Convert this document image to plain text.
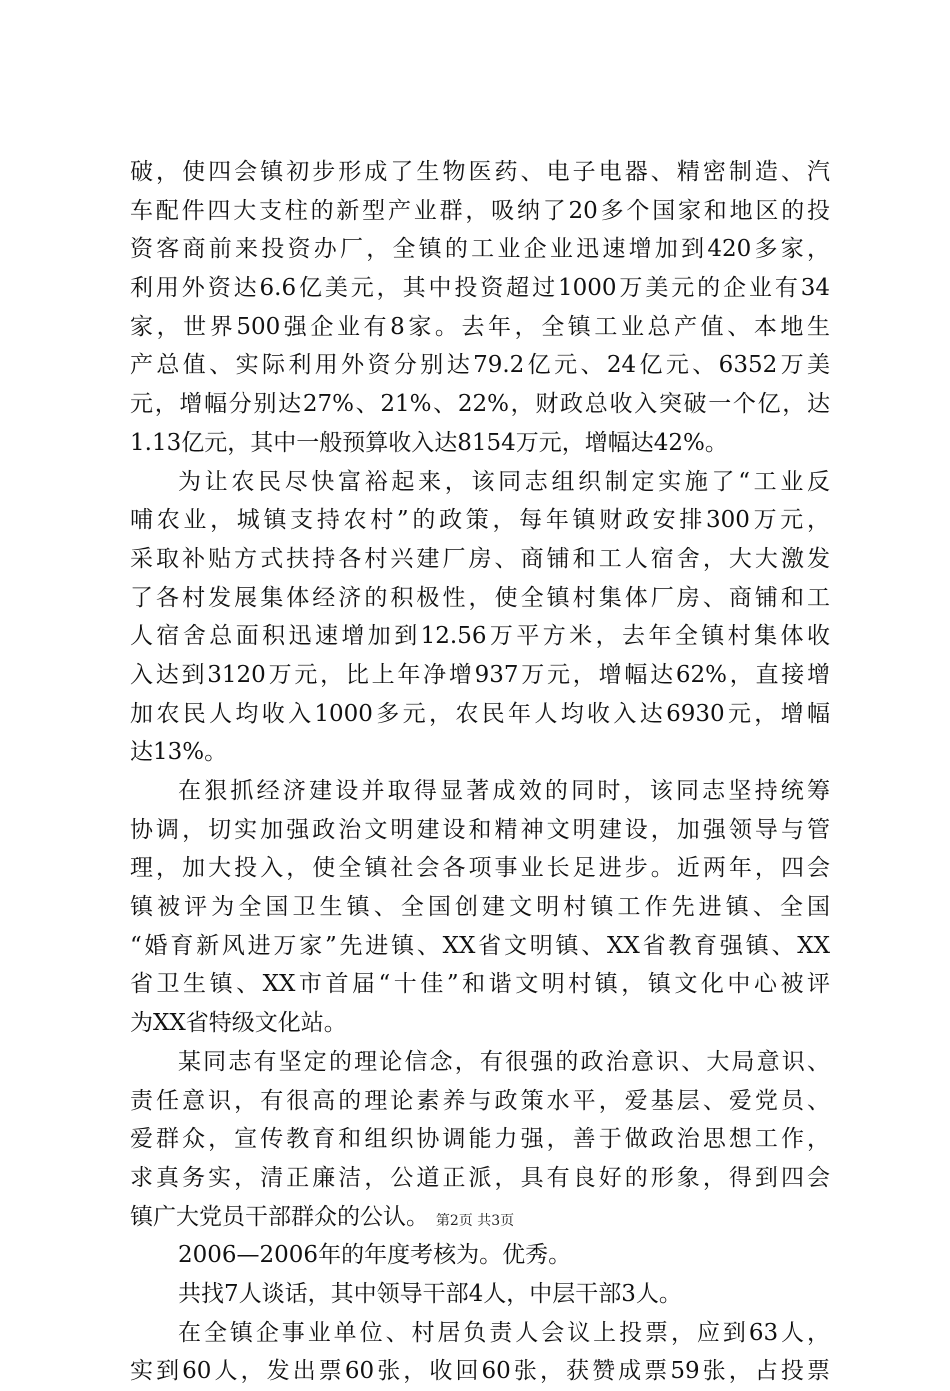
破，使四会镇初步形成了生物医药、电子电器、精密制造、汽
车配件四大支柱的新型产业群，吸纳了20多个国家和地区的投
资客商前来投资办厂，全镇的工业企业迅速增加到420多家，
利用外资达6.6亿美元，其中投资超过1000万美元的企业有34
家，世界500强企业有8家。去年，全镇工业总产值、本地生
产总值、实际利用外资分别达79.2亿元、24亿元、6352万美
元，增幅分别达27%、21%、22%，财政总收入突破一个亿，达
1.13亿元，其中一般预算收入达8154万元，增幅达42%。
为让农民尽快富裕起来，该同志组织制定实施了“工业反
哺农业，城镇支持农村”的政策，每年镇财政安排300万元，
采取补贴方式扶持各村兴建厂房、商铺和工人宿舍，大大激发
了各村发展集体经济的积极性，使全镇村集体厂房、商铺和工
人宿舍总面积迅速增加到12.56万平方米，去年全镇村集体收
入达到3120万元，比上年净增937万元，增幅达62%，直接增
加农民人均收入1000多元，农民年人均收入达6930元，增幅
达13%。
在狠抓经济建设并取得显著成效的同时，该同志坚持统筹
协调，切实加强政治文明建设和精神文明建设，加强领导与管
理，加大投入，使全镇社会各项事业长足进步。近两年，四会
镇被评为全国卫生镇、全国创建文明村镇工作先进镇、全国
“婚育新风进万家”先进镇、XX省文明镇、XX省教育强镇、XX
省卫生镇、XX市首届“十佳”和谐文明村镇，镇文化中心被评
为XX省特级文化站。
某同志有坚定的理论信念，有很强的政治意识、大局意识、
责任意识，有很高的理论素养与政策水平，爱基层、爱党员、
爱群众，宣传教育和组织协调能力强，善于做政治思想工作，
求真务实，清正廉洁，公道正派，具有良好的形象，得到四会
镇广大党员干部群众的公认。
2006—2006年的年度考核为。优秀。
共找7人谈话，其中领导干部4人，中层干部3人。
在全镇企事业单位、村居负责人会议上投票，应到63人，
实到60人，发出票60张，收回60张，获赞成票59张，占投票
第2页 共3页
